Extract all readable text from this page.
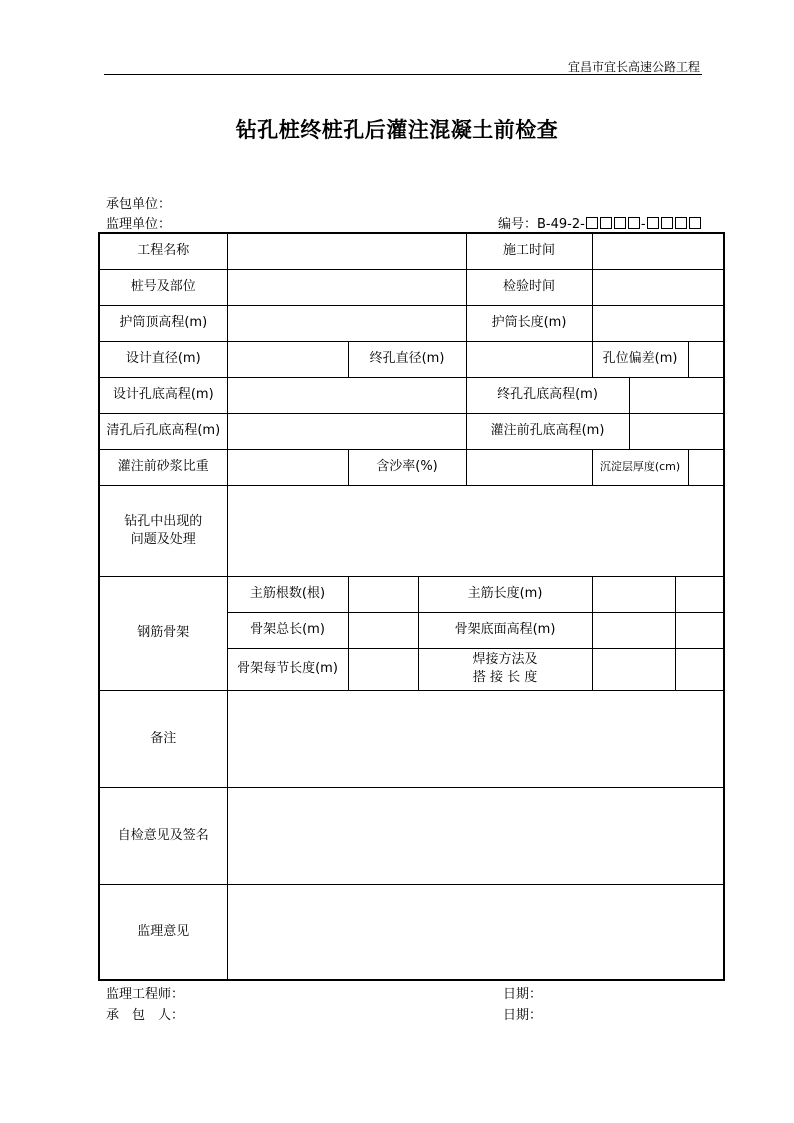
宜昌市宜长高速公路工程
钻孔桩终桩孔后灌注混凝土前检查
承包单位：
监理单位：	编号：B-49-2-	-
工程名称				施工时间		
桩号及部位				检验时间		
护筒顶高程(m)				护筒长度(m)		
设计直径(m)		终孔直径(m)			孔位偏差(m)	

设计孔底高程(m)				终孔孔底高程(m)		
清孔后孔底高程(m)				灌注前孔底高程(m)		
灌注前砂浆比重		含沙率(%)			沉淀层厚度(cm)	

钻孔中出现的
问题及处理						

钢筋骨架	主筋根数(根)		主筋长度(m)			

	骨架总长(m)		骨架底面高程(m)			

	骨架每节长度(m)		焊接方法及
搭 接 长 度			

备注						
自检意见及签名						
监理意见						
监理工程师：	日期：
承　包　人：	日期：
